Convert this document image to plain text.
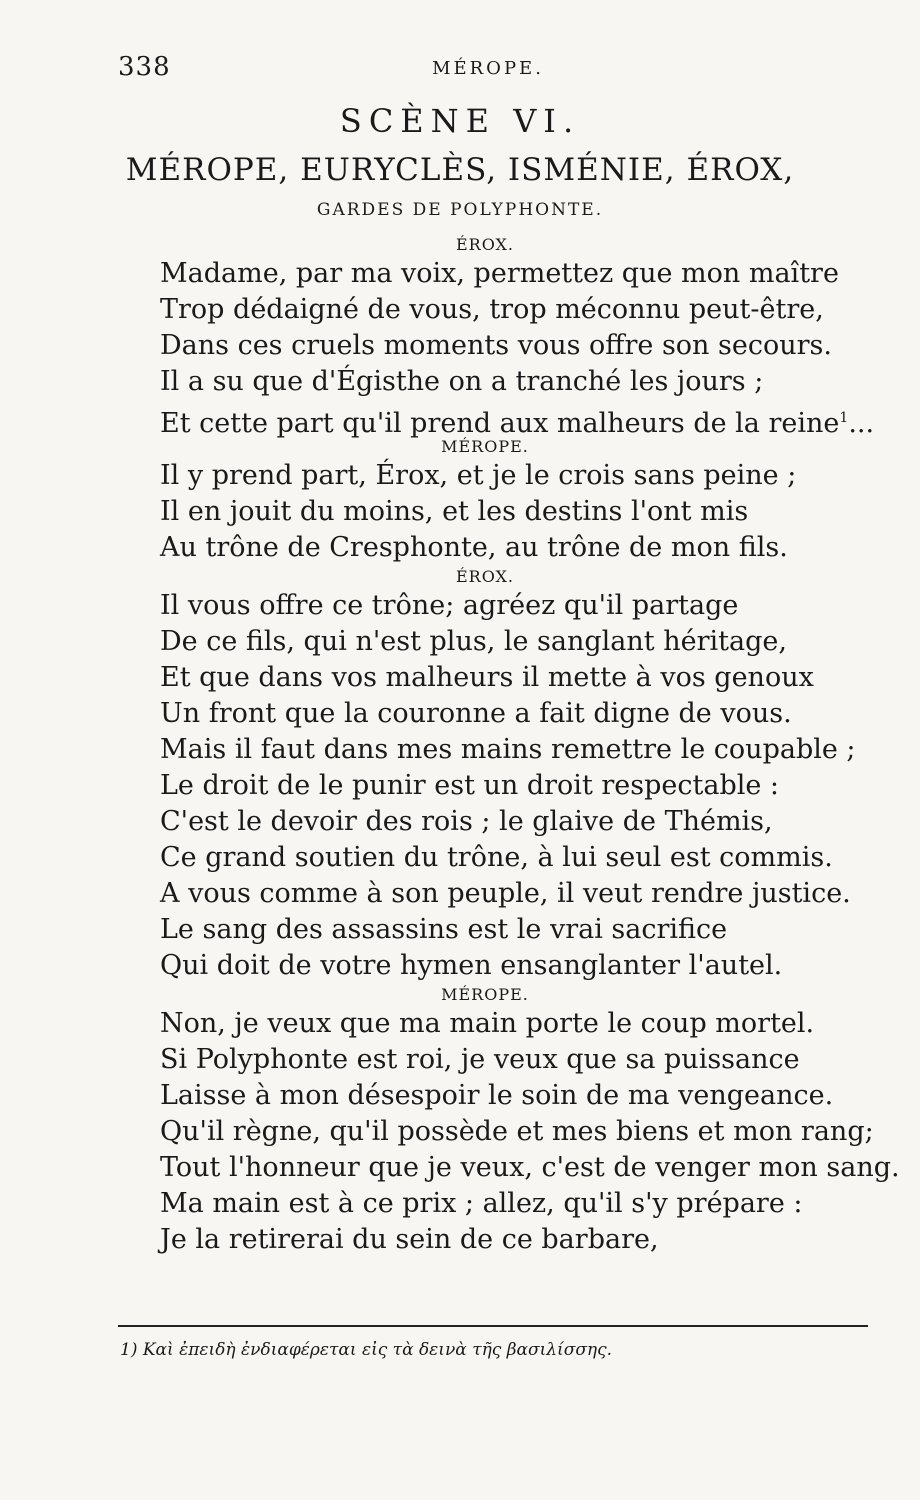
338	MÉROPE.
SCÈNE VI.
MÉROPE, EURYCLÈS, ISMÉNIE, ÉROX,
GARDES DE POLYPHONTE.
ÉROX.
Madame, par ma voix, permettez que mon maître
Trop dédaigné de vous, trop méconnu peut-être,
Dans ces cruels moments vous offre son secours.
Il a su que d'Égisthe on a tranché les jours ;
Et cette part qu'il prend aux malheurs de la reine$^1$...
MÉROPE.
Il y prend part, Érox, et je le crois sans peine ;
Il en jouit du moins, et les destins l'ont mis
Au trône de Cresphonte, au trône de mon fils.
ÉROX.
Il vous offre ce trône; agréez qu'il partage
De ce fils, qui n'est plus, le sanglant héritage,
Et que dans vos malheurs il mette à vos genoux
Un front que la couronne a fait digne de vous.
Mais il faut dans mes mains remettre le coupable ;
Le droit de le punir est un droit respectable :
C'est le devoir des rois ; le glaive de Thémis,
Ce grand soutien du trône, à lui seul est commis.
A vous comme à son peuple, il veut rendre justice.
Le sang des assassins est le vrai sacrifice
Qui doit de votre hymen ensanglanter l'autel.
MÉROPE.
Non, je veux que ma main porte le coup mortel.
Si Polyphonte est roi, je veux que sa puissance
Laisse à mon désespoir le soin de ma vengeance.
Qu'il règne, qu'il possède et mes biens et mon rang;
Tout l'honneur que je veux, c'est de venger mon sang.
Ma main est à ce prix ; allez, qu'il s'y prépare :
Je la retirerai du sein de ce barbare,
1) Καὶ ἐπειδὴ ἐνδιαφέρεται εἰς τὰ δεινὰ τῆς βασιλίσσης.
